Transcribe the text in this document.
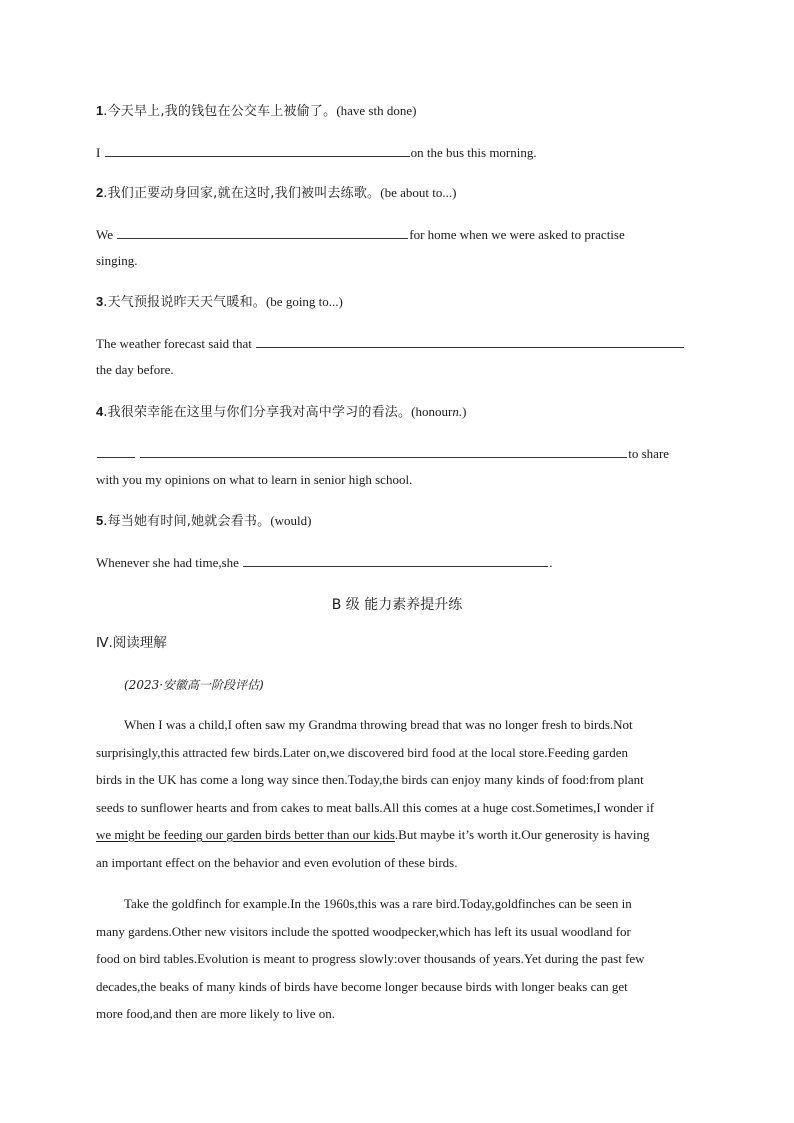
1.今天早上,我的钱包在公交车上被偷了。(have sth done)
I	on the bus this morning.
2.我们正要动身回家,就在这时,我们被叫去练歌。(be about to...)
We	for home when we were asked to practise
singing.
3.天气预报说昨天天气暖和。(be going to...)
The weather forecast said that
the day before.
4.我很荣幸能在这里与你们分享我对高中学习的看法。(honourn.)
to share
with you my opinions on what to learn in senior high school.
5.每当她有时间,她就会看书。(would)
Whenever she had time,she	.
B 级 能力素养提升练
Ⅳ.阅读理解
(2023·安徽高一阶段评估)
When I was a child,I often saw my Grandma throwing bread that was no longer fresh to birds.Not
surprisingly,this attracted few birds.Later on,we discovered bird food at the local store.Feeding garden
birds in the UK has come a long way since then.Today,the birds can enjoy many kinds of food:from plant
seeds to sunflower hearts and from cakes to meat balls.All this comes at a huge cost.Sometimes,I wonder if
we might be feeding our garden birds better than our kids.But maybe it’s worth it.Our generosity is having
an important effect on the behavior and even evolution of these birds.
Take the goldfinch for example.In the 1960s,this was a rare bird.Today,goldfinches can be seen in
many gardens.Other new visitors include the spotted woodpecker,which has left its usual woodland for
food on bird tables.Evolution is meant to progress slowly:over thousands of years.Yet during the past few
decades,the beaks of many kinds of birds have become longer because birds with longer beaks can get
more food,and then are more likely to live on.
